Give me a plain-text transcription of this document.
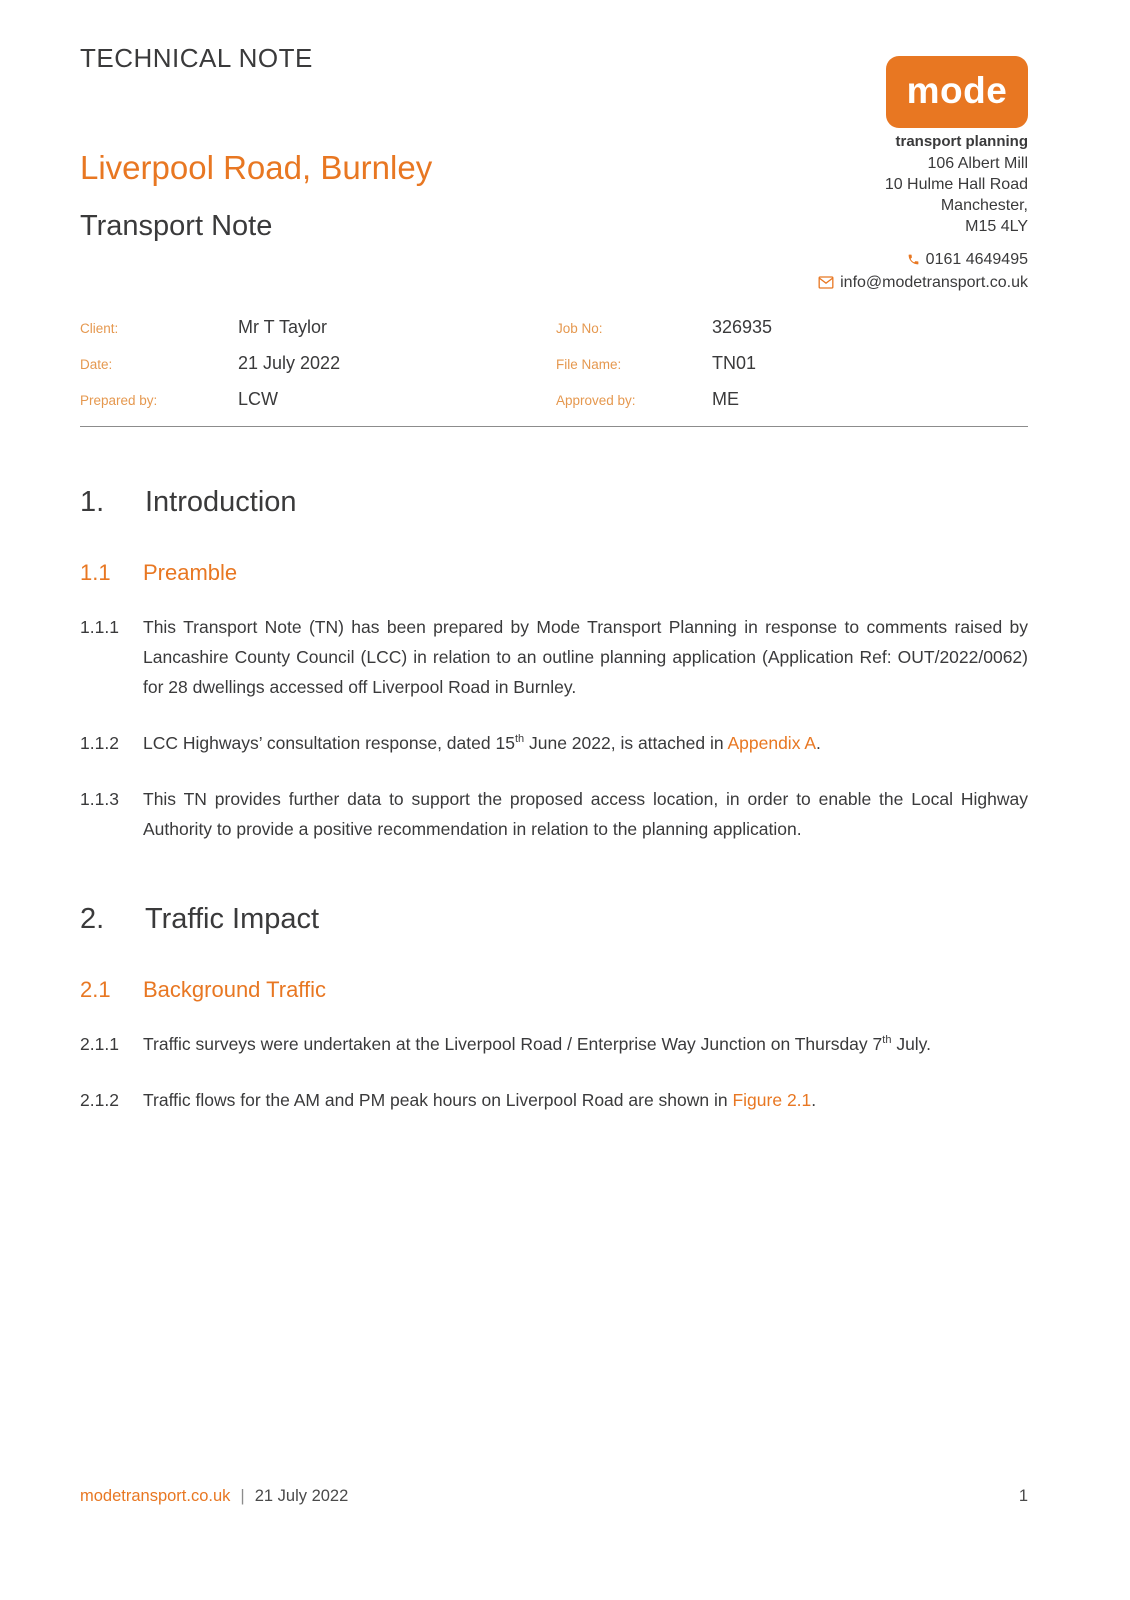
TECHNICAL NOTE
Liverpool Road, Burnley
Transport Note
mode
transport planning
106 Albert Mill
10 Hulme Hall Road
Manchester,
M15 4LY
0161 4649495
info@modetransport.co.uk
Client:	Mr T Taylor	Job No:	326935
Date:	21 July 2022	File Name:	TN01
Prepared by:	LCW	Approved by:	ME
1.	Introduction
1.1	Preamble
1.1.1	This Transport Note (TN) has been prepared by Mode Transport Planning in response to comments raised by Lancashire County Council (LCC) in relation to an outline planning application (Application Ref: OUT/2022/0062) for 28 dwellings accessed off Liverpool Road in Burnley.

1.1.2	LCC Highways’ consultation response, dated 15th June 2022, is attached in Appendix A.

1.1.3	This TN provides further data to support the proposed access location, in order to enable the Local Highway Authority to provide a positive recommendation in relation to the planning application.

2.	Traffic Impact
2.1	Background Traffic
2.1.1	Traffic surveys were undertaken at the Liverpool Road / Enterprise Way Junction on Thursday 7th July.

2.1.2	Traffic flows for the AM and PM peak hours on Liverpool Road are shown in Figure 2.1.

modetransport.co.uk | 21 July 2022	1
